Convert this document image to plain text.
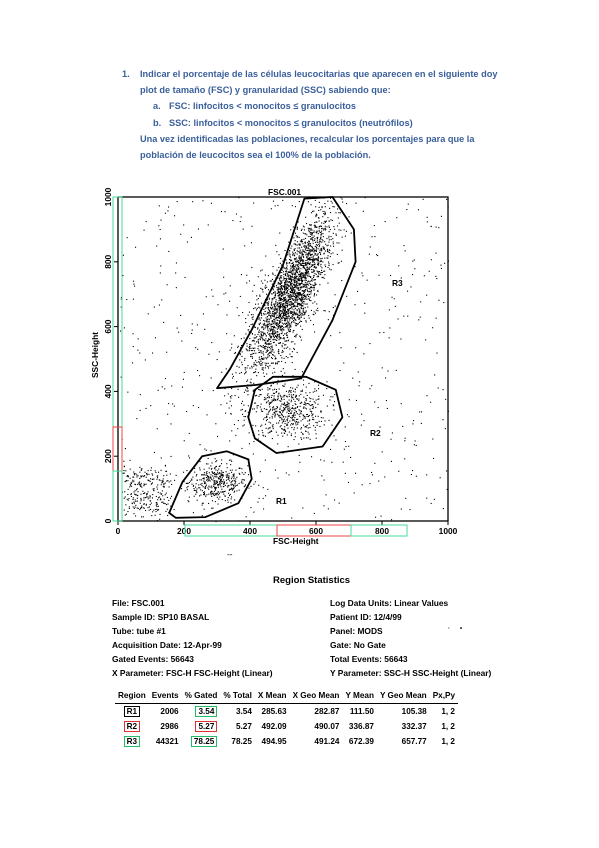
1. Indicar el porcentaje de las células leucocitarias que aparecen en el siguiente doy
plot de tamaño (FSC) y granularidad (SSC) sabiendo que:
a. FSC: linfocitos < monocitos ≤ granulocitos
b. SSC: linfocitos < monocitos ≤ granulocitos (neutrófilos)
Una vez identificadas las poblaciones, recalcular los porcentajes para que la
población de leucocitos sea el 100% de la población.
0
0
200
200
400
400
600
600
800
800
1000
1000	FSC.001
R3
R2
R1
FSC-Height
SSC-Height
--
Region Statistics
File: FSC.001
Sample ID: SP10 BASAL
Tube: tube #1
Acquisition Date: 12-Apr-99
Gated Events: 56643
X Parameter: FSC-H FSC-Height (Linear)
Log Data Units: Linear Values
Patient ID: 12/4/99
Panel: MODS
Gate: No Gate
Total Events: 56643
Y Parameter: SSC-H SSC-Height (Linear)
·•
Region	Events	% Gated	% Total	X Mean	X Geo Mean	Y Mean	Y Geo Mean	Px,Py
R1	2006	3.54	3.54	285.63	282.87	111.50	105.38	1, 2
R2	2986	5.27	5.27	492.09	490.07	336.87	332.37	1, 2
R3	44321	78.25	78.25	494.95	491.24	672.39	657.77	1, 2
